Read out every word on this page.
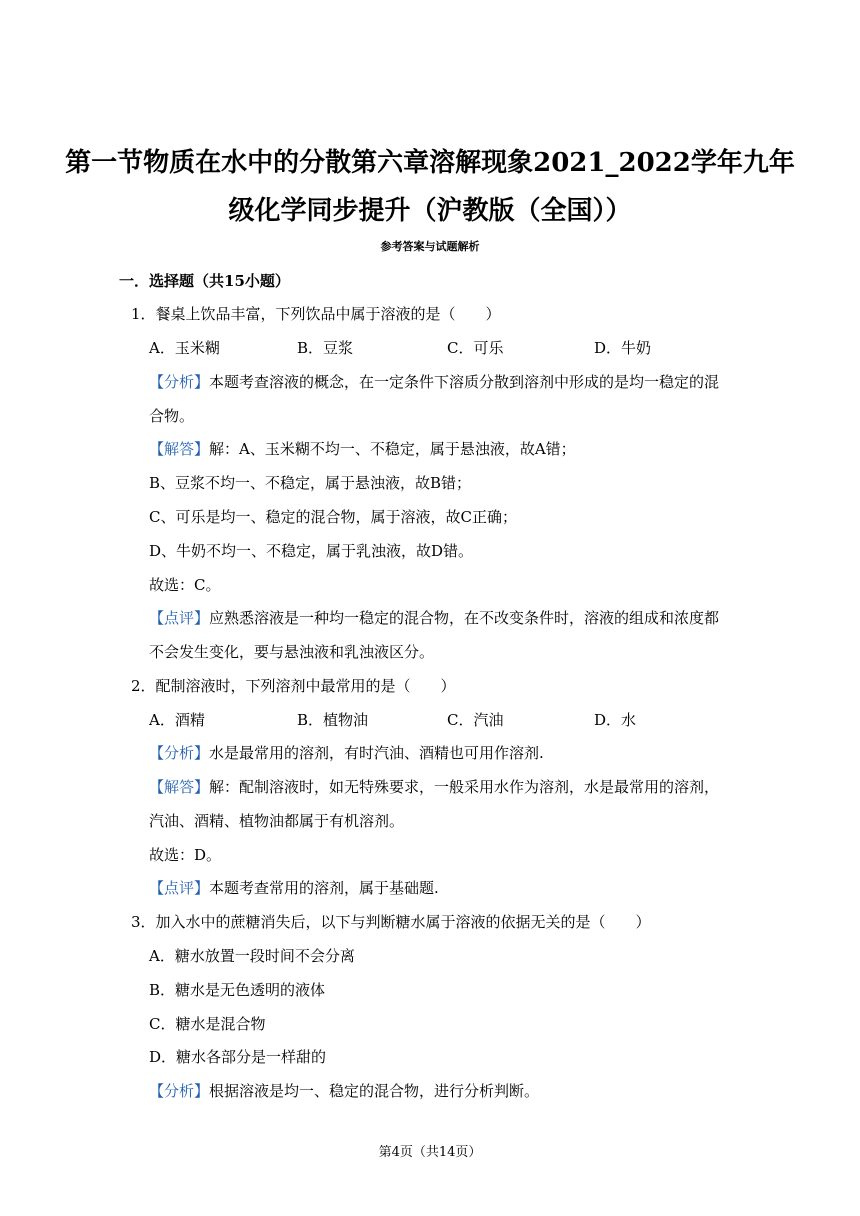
第一节物质在水中的分散第六章溶解现象2021_2022学年九年
级化学同步提升（沪教版（全国））
参考答案与试题解析
一．选择题（共15小题）
1．餐桌上饮品丰富，下列饮品中属于溶液的是（　　）
A．玉米糊	B．豆浆	C．可乐	D．牛奶
【分析】本题考查溶液的概念，在一定条件下溶质分散到溶剂中形成的是均一稳定的混
合物。
【解答】解：A、玉米糊不均一、不稳定，属于悬浊液，故A错；
B、豆浆不均一、不稳定，属于悬浊液，故B错；
C、可乐是均一、稳定的混合物，属于溶液，故C正确；
D、牛奶不均一、不稳定，属于乳浊液，故D错。
故选：C。
【点评】应熟悉溶液是一种均一稳定的混合物，在不改变条件时，溶液的组成和浓度都
不会发生变化，要与悬浊液和乳浊液区分。
2．配制溶液时，下列溶剂中最常用的是（　　）
A．酒精	B．植物油	C．汽油	D．水
【分析】水是最常用的溶剂，有时汽油、酒精也可用作溶剂.
【解答】解：配制溶液时，如无特殊要求，一般采用水作为溶剂，水是最常用的溶剂，
汽油、酒精、植物油都属于有机溶剂。
故选：D。
【点评】本题考查常用的溶剂，属于基础题.
3．加入水中的蔗糖消失后，以下与判断糖水属于溶液的依据无关的是（　　）
A．糖水放置一段时间不会分离
B．糖水是无色透明的液体
C．糖水是混合物
D．糖水各部分是一样甜的
【分析】根据溶液是均一、稳定的混合物，进行分析判断。
第4页（共14页）
